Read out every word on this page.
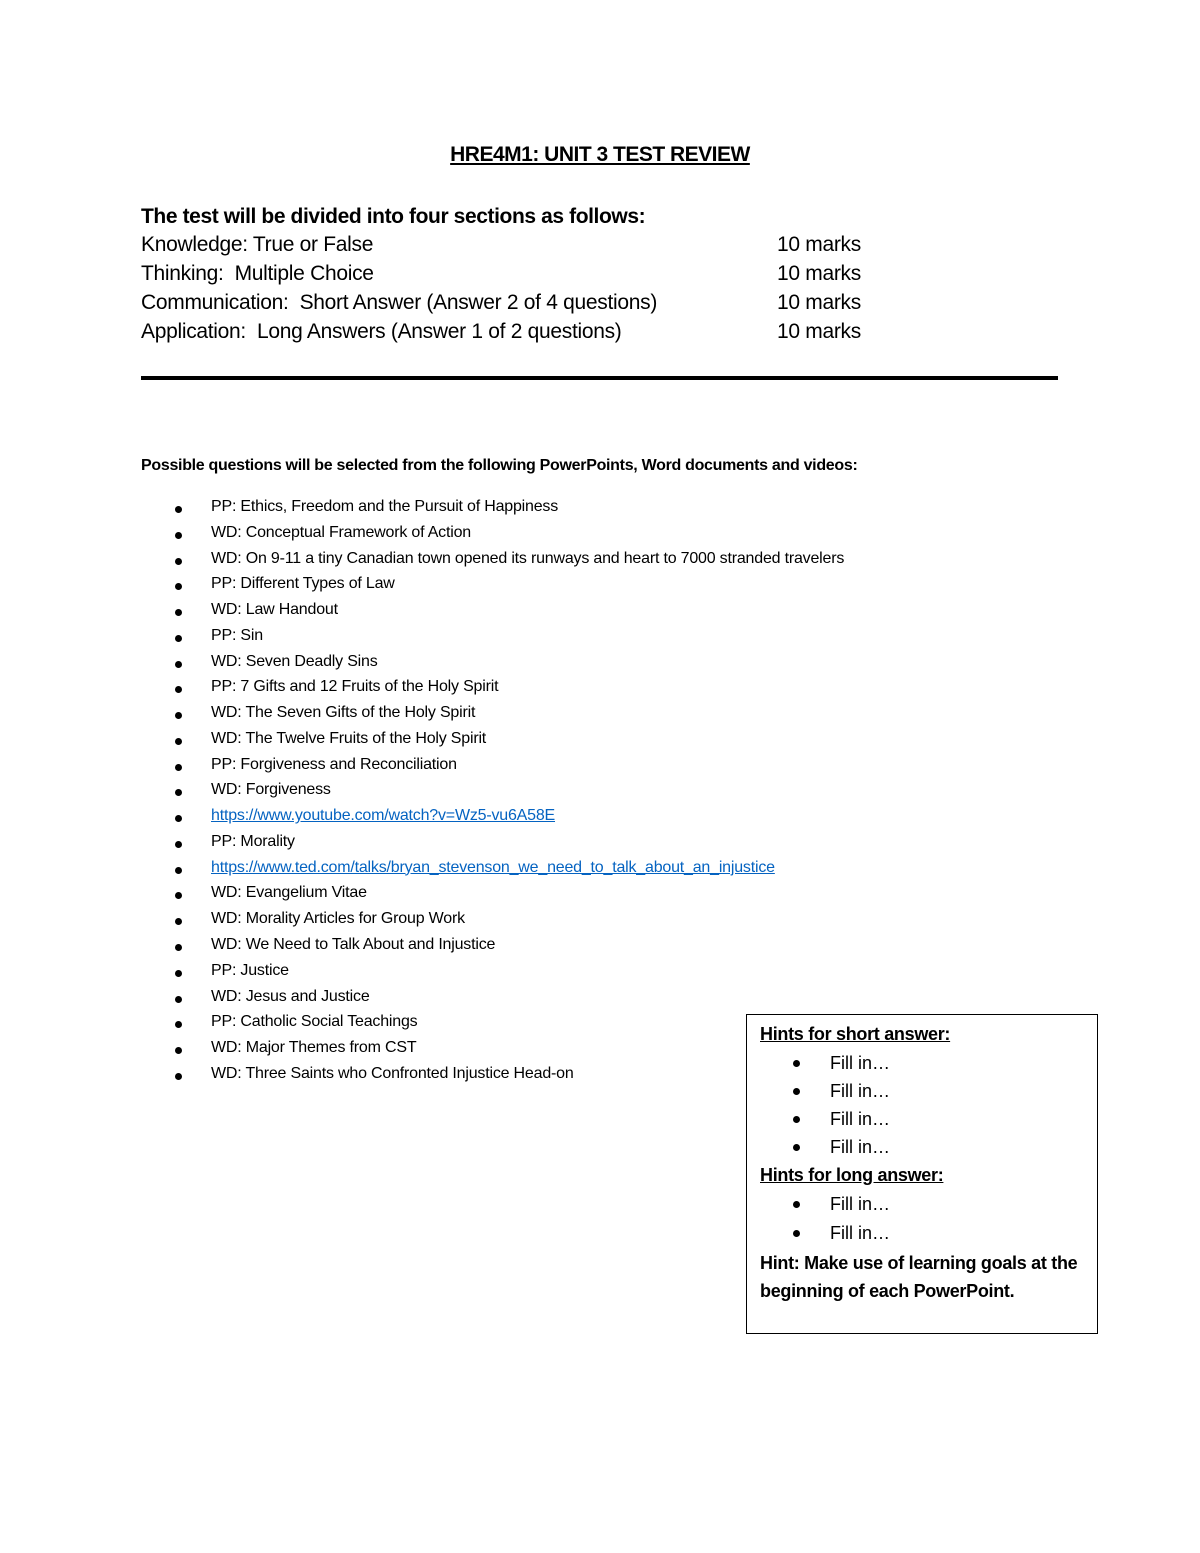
HRE4M1: UNIT 3 TEST REVIEW
The test will be divided into four sections as follows:
Knowledge: True or False	10 marks
Thinking:  Multiple Choice	10 marks
Communication:  Short Answer (Answer 2 of 4 questions)	10 marks
Application:  Long Answers (Answer 1 of 2 questions)	10 marks
Possible questions will be selected from the following PowerPoints, Word documents and videos:
PP: Ethics, Freedom and the Pursuit of Happiness
WD: Conceptual Framework of Action
WD: On 9-11 a tiny Canadian town opened its runways and heart to 7000 stranded travelers
PP: Different Types of Law
WD: Law Handout
PP: Sin
WD: Seven Deadly Sins
PP: 7 Gifts and 12 Fruits of the Holy Spirit
WD: The Seven Gifts of the Holy Spirit
WD: The Twelve Fruits of the Holy Spirit
PP: Forgiveness and Reconciliation
WD: Forgiveness
https://www.youtube.com/watch?v=Wz5-vu6A58E
PP: Morality
https://www.ted.com/talks/bryan_stevenson_we_need_to_talk_about_an_injustice
WD: Evangelium Vitae
WD: Morality Articles for Group Work
WD: We Need to Talk About and Injustice
PP: Justice
WD: Jesus and Justice
PP: Catholic Social Teachings
WD: Major Themes from CST
WD: Three Saints who Confronted Injustice Head-on
Hints for short answer:
Fill in…
Fill in…
Fill in…
Fill in…
Hints for long answer:
Fill in…
Fill in…
Hint: Make use of learning goals at the beginning of each PowerPoint.
